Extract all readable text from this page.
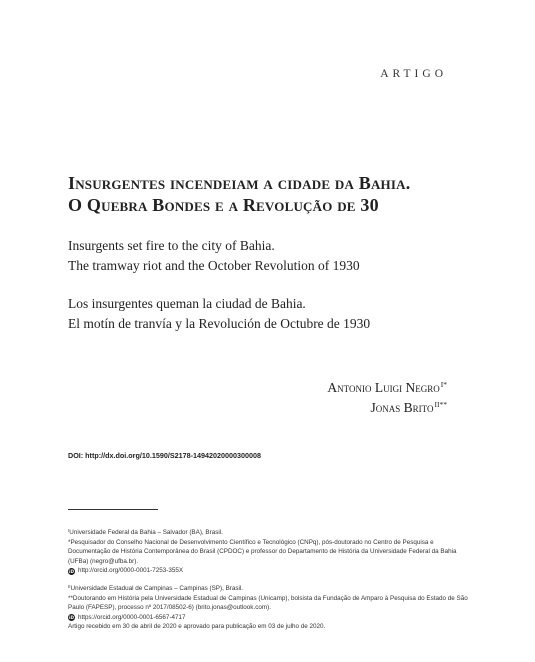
ARTIGO
Insurgentes incendeiam a cidade da Bahia.
O Quebra Bondes e a Revolução de 30
Insurgents set fire to the city of Bahia.
The tramway riot and the October Revolution of 1930
Los insurgentes queman la ciudad de Bahia.
El motín de tranvía y la Revolución de Octubre de 1930
Antonio Luigi Negro$^{I*}$
Jonas Brito$^{II**}$
DOI: http://dx.doi.org/10.1590/S2178-14942020000300008

$^I$Universidade Federal da Bahia – Salvador (BA), Brasil.

*Pesquisador do Conselho Nacional de Desenvolvimento Científico e Tecnológico (CNPq), pós-doutorado no Centro de Pesquisa e Documentação de História Contemporânea do Brasil (CPDOC) e professor do Departamento de História da Universidade Federal da Bahia (UFBa) (negro@ufba.br).

iD http://orcid.org/0000-0001-7253-355X

$^{II}$Universidade Estadual de Campinas – Campinas (SP), Brasil.

**Doutorando em História pela Universidade Estadual de Campinas (Unicamp), bolsista da Fundação de Amparo à Pesquisa do Estado de São Paulo (FAPESP), processo nº 2017/08502-6) (brito.jonas@outlook.com).

iD https://orcid.org/0000-0001-6567-4717

Artigo recebido em 30 de abril de 2020 e aprovado para publicação em 03 de julho de 2020.
